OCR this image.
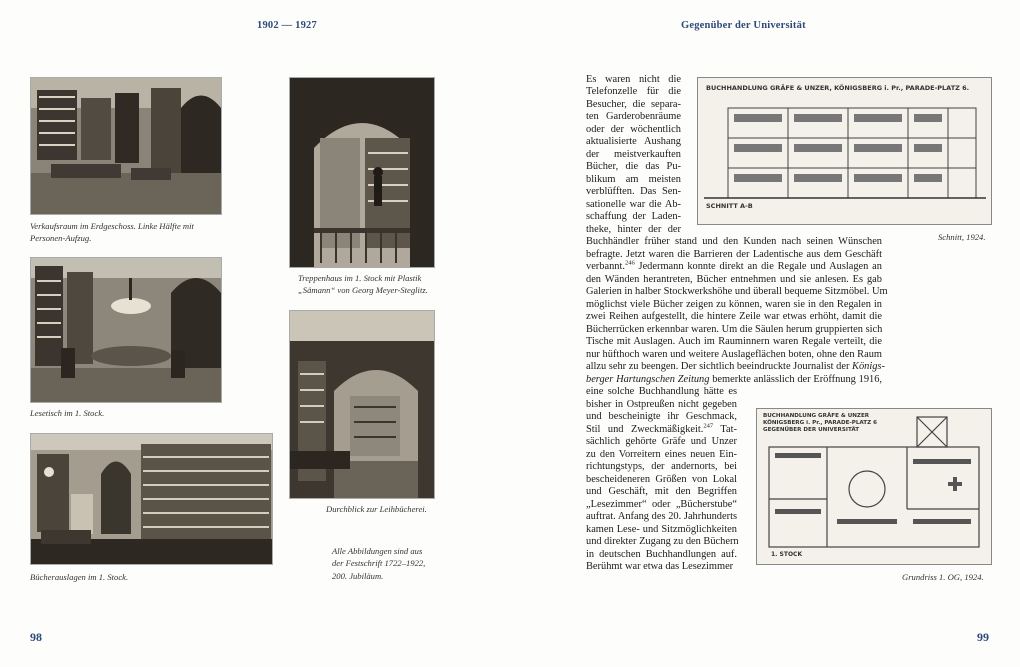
1902 — 1927
Verkaufsraum im Erdgeschoss. Linke Hälfte mit
Personen-Aufzug.
Lesetisch im 1. Stock.
Bücherauslagen im 1. Stock.
Treppenhaus im 1. Stock mit Plastik
„Sämann“ von Georg Meyer-Steglitz.
Durchblick zur Leihbücherei.
Alle Abbildungen sind aus
der Festschrift 1722–1922,
200. Jubiläum.
98
Gegenüber der Universität
BUCHHANDLUNG GRÄFE & UNZER, KÖNIGSBERG i. Pr., PARADE-PLATZ 6.
SCHNITT A-B
Schnitt, 1924.
BUCHHANDLUNG GRÄFE & UNZER
KÖNIGSBERG i. Pr., PARADE-PLATZ 6
GEGENÜBER DER UNIVERSITÄT
1. STOCK
Grundriss 1. OG, 1924.
Es waren nicht die
Telefonzelle für die
Besucher, die separa-
ten Garderobenräume
oder der wöchentlich
aktualisierte Aushang
der meistverkauften
Bücher, die das Pu-
blikum am meisten
verblüfften. Das Sen-
sationelle war die Ab-
schaffung der Laden-
theke, hinter der der
Buchhändler früher stand und den Kunden nach seinen Wünschen
befragte. Jetzt waren die Barrieren der Ladentische aus dem Geschäft
verbannt.$^{246}$ Jedermann konnte direkt an die Regale und Auslagen an
den Wänden herantreten, Bücher entnehmen und sie anlesen. Es gab
Galerien in halber Stockwerkshöhe und überall bequeme Sitzmöbel. Um
möglichst viele Bücher zeigen zu können, waren sie in den Regalen in
zwei Reihen aufgestellt, die hintere Zeile war etwas erhöht, damit die
Bücherrücken erkennbar waren. Um die Säulen herum gruppierten sich
Tische mit Auslagen. Auch im Rauminnern waren Regale verteilt, die
nur hüfthoch waren und weitere Auslageflächen boten, ohne den Raum
allzu sehr zu beengen. Der sichtlich beeindruckte Journalist der Königs-
berger Hartungschen Zeitung bemerkte anlässlich der Eröffnung 1916,
eine solche Buchhandlung hätte es
bisher in Ostpreußen nicht gegeben
und bescheinigte ihr Geschmack,
Stil und Zweckmäßigkeit.$^{247}$ Tat-
sächlich gehörte Gräfe und Unzer
zu den Vorreitern eines neuen Ein-
richtungstyps, der andernorts, bei
bescheideneren Größen von Lokal
und Geschäft, mit den Begriffen
„Lesezimmer“ oder „Bücherstube“
auftrat. Anfang des 20. Jahrhunderts
kamen Lese- und Sitzmöglichkeiten
und direkter Zugang zu den Büchern
in deutschen Buchhandlungen auf.
Berühmt war etwa das Lesezimmer
99
